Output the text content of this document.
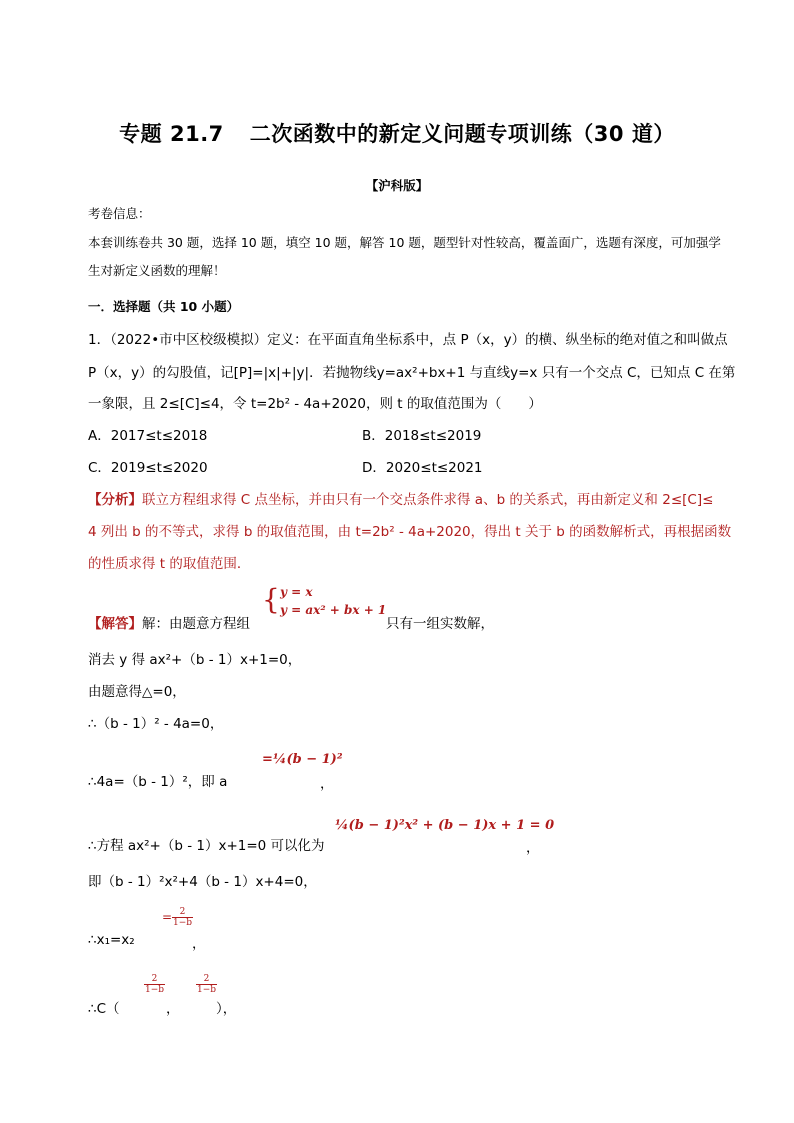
专题 21.7 二次函数中的新定义问题专项训练（30 道）
【沪科版】
考卷信息：
本套训练卷共 30 题，选择 10 题，填空 10 题，解答 10 题，题型针对性较高，覆盖面广，选题有深度，可加强学
生对新定义函数的理解！
一．选择题（共 10 小题）
1．（2022•市中区校级模拟）定义：在平面直角坐标系中，点 P（x，y）的横、纵坐标的绝对值之和叫做点
P（x，y）的勾股值，记[P]=|x|+|y|．若抛物线y=ax²+bx+1 与直线y=x 只有一个交点 C，已知点 C 在第
一象限，且 2≤[C]≤4，令 t=2b² - 4a+2020，则 t 的取值范围为（　　）
A．2017≤t≤2018	B．2018≤t≤2019
C．2019≤t≤2020	D．2020≤t≤2021
【分析】联立方程组求得 C 点坐标，并由只有一个交点条件求得 a、b 的关系式，再由新定义和 2≤[C]≤
4 列出 b 的不等式，求得 b 的取值范围，由 t=2b² - 4a+2020，得出 t 关于 b 的函数解析式，再根据函数
的性质求得 t 的取值范围．
【解答】解：由题意方程组
{ y = x
y = ax² + bx + 1
只有一组实数解，
消去 y 得 ax²+（b - 1）x+1=0，
由题意得△=0，
∴（b - 1）² - 4a=0，
∴4a=（b - 1）²，即 a
=¼(b − 1)²
，
∴方程 ax²+（b - 1）x+1=0 可以化为
¼(b − 1)²x² + (b − 1)x + 1 = 0
，
即（b - 1）²x²+4（b - 1）x+4=0，
∴x₁=x₂
= $\frac{2}{1-b}$
，
∴C（
$\frac{2}{1-b}$
，
$\frac{2}{1-b}$
），
